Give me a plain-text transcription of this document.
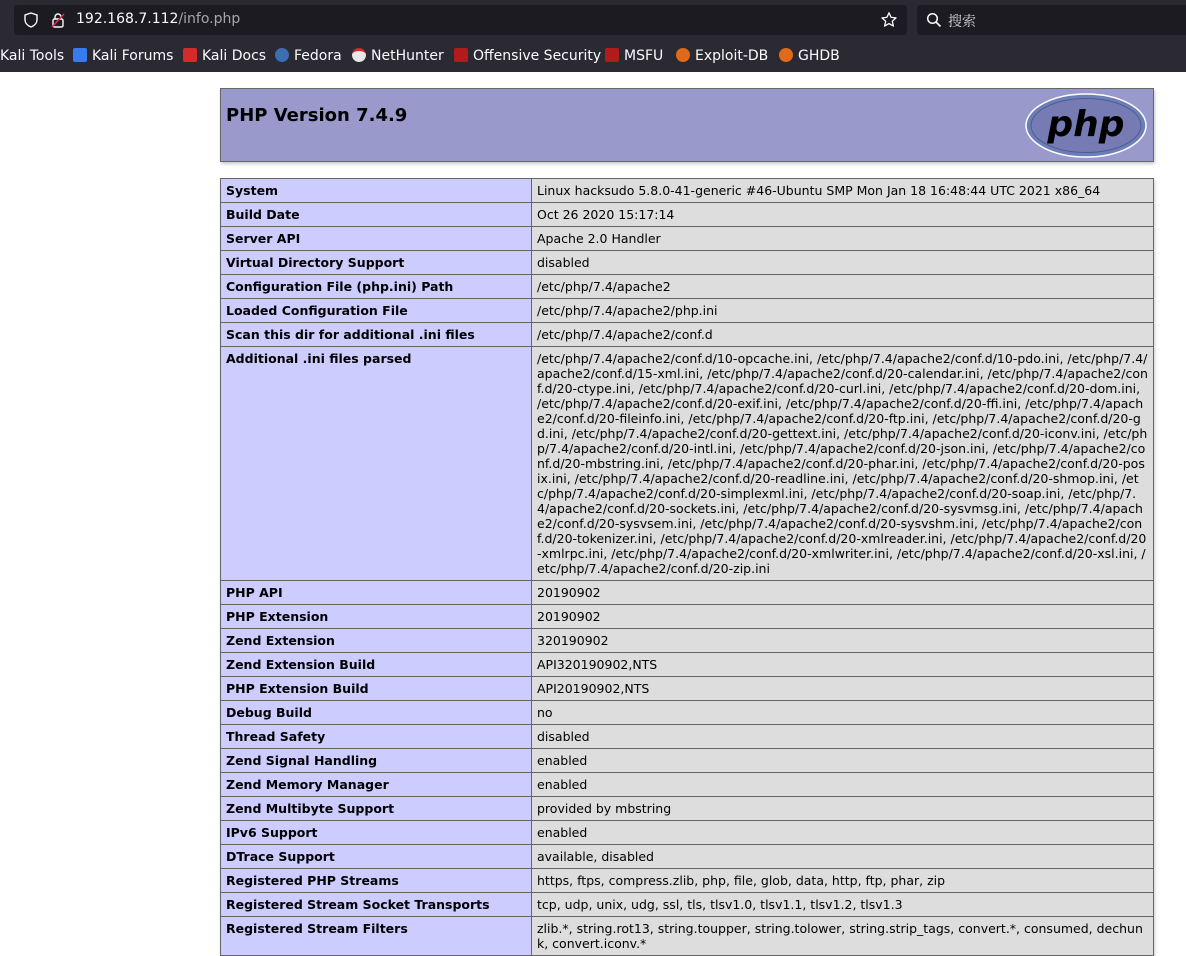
192.168.7.112/info.php	搜索
Kali Tools	Kali Forums	Kali Docs	Fedora	NetHunter	Offensive Security	MSFU	Exploit-DB	GHDB
PHP Version 7.4.9	php
System	Linux hacksudo 5.8.0-41-generic #46-Ubuntu SMP Mon Jan 18 16:48:44 UTC 2021 x86_64
Build Date	Oct 26 2020 15:17:14
Server API	Apache 2.0 Handler
Virtual Directory Support	disabled
Configuration File (php.ini) Path	/etc/php/7.4/apache2
Loaded Configuration File	/etc/php/7.4/apache2/php.ini
Scan this dir for additional .ini files	/etc/php/7.4/apache2/conf.d
Additional .ini files parsed	/etc/php/7.4/apache2/conf.d/10-opcache.ini, /etc/php/7.4/apache2/conf.d/10-pdo.ini, /etc/php/7.4/apache2/conf.d/15-xml.ini, /etc/php/7.4/apache2/conf.d/20-calendar.ini, /etc/php/7.4/apache2/conf.d/20-ctype.ini, /etc/php/7.4/apache2/conf.d/20-curl.ini, /etc/php/7.4/apache2/conf.d/20-dom.ini, /etc/php/7.4/apache2/conf.d/20-exif.ini, /etc/php/7.4/apache2/conf.d/20-ffi.ini, /etc/php/7.4/apache2/conf.d/20-fileinfo.ini, /etc/php/7.4/apache2/conf.d/20-ftp.ini, /etc/php/7.4/apache2/conf.d/20-gd.ini, /etc/php/7.4/apache2/conf.d/20-gettext.ini, /etc/php/7.4/apache2/conf.d/20-iconv.ini, /etc/php/7.4/apache2/conf.d/20-intl.ini, /etc/php/7.4/apache2/conf.d/20-json.ini, /etc/php/7.4/apache2/conf.d/20-mbstring.ini, /etc/php/7.4/apache2/conf.d/20-phar.ini, /etc/php/7.4/apache2/conf.d/20-posix.ini, /etc/php/7.4/apache2/conf.d/20-readline.ini, /etc/php/7.4/apache2/conf.d/20-shmop.ini, /etc/php/7.4/apache2/conf.d/20-simplexml.ini, /etc/php/7.4/apache2/conf.d/20-soap.ini, /etc/php/7.4/apache2/conf.d/20-sockets.ini, /etc/php/7.4/apache2/conf.d/20-sysvmsg.ini, /etc/php/7.4/apache2/conf.d/20-sysvsem.ini, /etc/php/7.4/apache2/conf.d/20-sysvshm.ini, /etc/php/7.4/apache2/conf.d/20-tokenizer.ini, /etc/php/7.4/apache2/conf.d/20-xmlreader.ini, /etc/php/7.4/apache2/conf.d/20-xmlrpc.ini, /etc/php/7.4/apache2/conf.d/20-xmlwriter.ini, /etc/php/7.4/apache2/conf.d/20-xsl.ini, /etc/php/7.4/apache2/conf.d/20-zip.ini
PHP API	20190902
PHP Extension	20190902
Zend Extension	320190902
Zend Extension Build	API320190902,NTS
PHP Extension Build	API20190902,NTS
Debug Build	no
Thread Safety	disabled
Zend Signal Handling	enabled
Zend Memory Manager	enabled
Zend Multibyte Support	provided by mbstring
IPv6 Support	enabled
DTrace Support	available, disabled
Registered PHP Streams	https, ftps, compress.zlib, php, file, glob, data, http, ftp, phar, zip
Registered Stream Socket Transports	tcp, udp, unix, udg, ssl, tls, tlsv1.0, tlsv1.1, tlsv1.2, tlsv1.3
Registered Stream Filters	zlib.*, string.rot13, string.toupper, string.tolower, string.strip_tags, convert.*, consumed, dechunk, convert.iconv.*
